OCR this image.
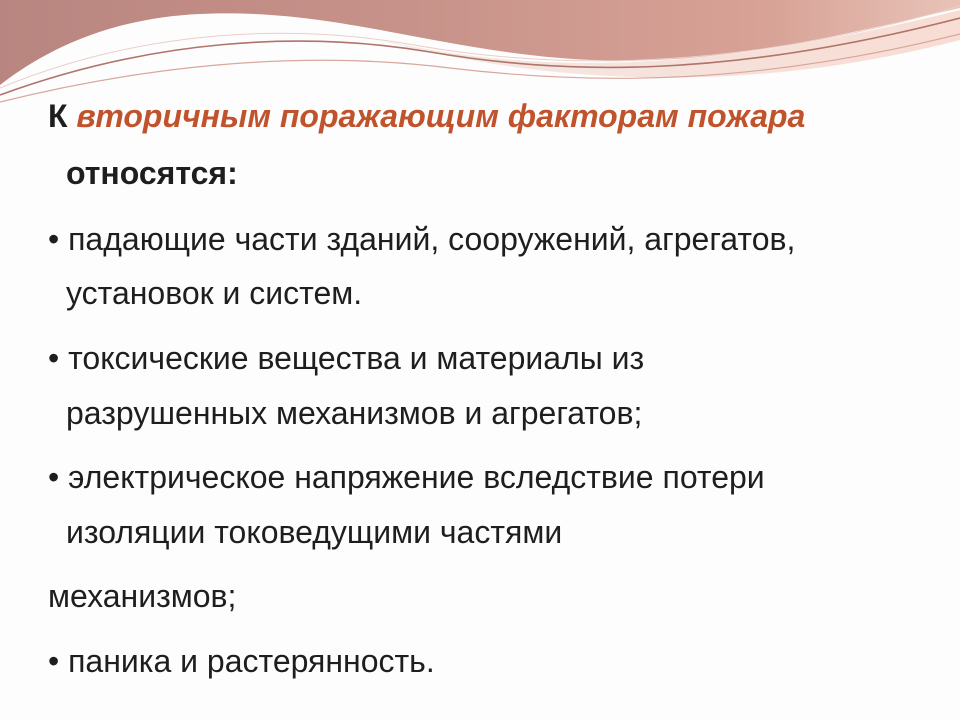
К вторичным поражающим факторам пожара
относятся:
• падающие части зданий, сооружений, агрегатов,
установок и систем.
• токсические вещества и материалы из
разрушенных механизмов и агрегатов;
• электрическое напряжение вследствие потери
изоляции токоведущими частями
механизмов;
• паника и растерянность.
